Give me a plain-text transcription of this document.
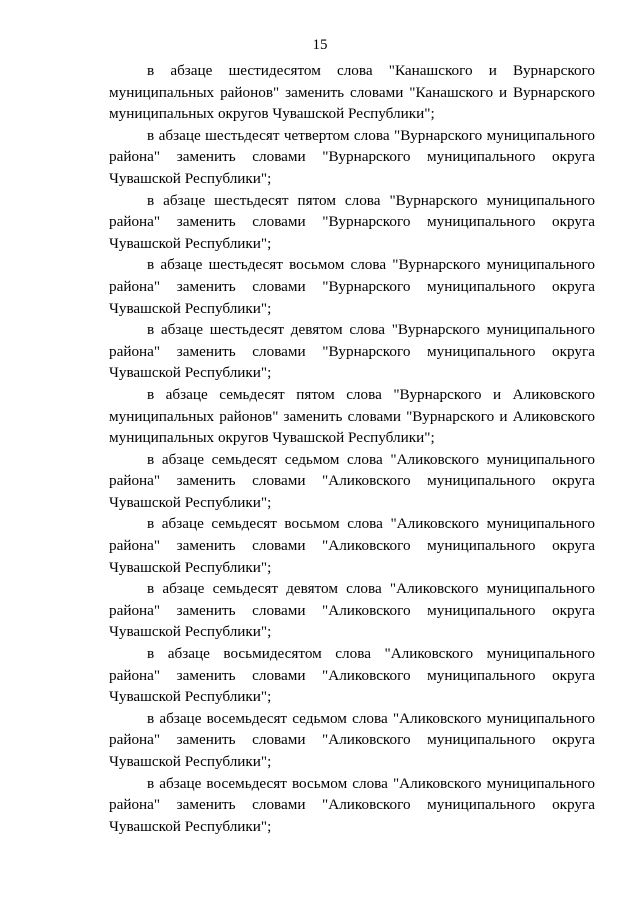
15

в абзаце шестидесятом слова "Канашского и Вурнарского муниципальных районов" заменить словами "Канашского и Вурнарского муниципальных округов Чувашской Республики";

в абзаце шестьдесят четвертом слова "Вурнарского муниципального района" заменить словами "Вурнарского муниципального округа Чувашской Республики";

в абзаце шестьдесят пятом слова "Вурнарского муниципального района" заменить словами "Вурнарского муниципального округа Чувашской Республики";

в абзаце шестьдесят восьмом слова "Вурнарского муниципального района" заменить словами "Вурнарского муниципального округа Чувашской Республики";

в абзаце шестьдесят девятом слова "Вурнарского муниципального района" заменить словами "Вурнарского муниципального округа Чувашской Республики";

в абзаце семьдесят пятом слова "Вурнарского и Аликовского муниципальных районов" заменить словами "Вурнарского и Аликовского муниципальных округов Чувашской Республики";

в абзаце семьдесят седьмом слова "Аликовского муниципального района" заменить словами "Аликовского муниципального округа Чувашской Республики";

в абзаце семьдесят восьмом слова "Аликовского муниципального района" заменить словами "Аликовского муниципального округа Чувашской Республики";

в абзаце семьдесят девятом слова "Аликовского муниципального района" заменить словами "Аликовского муниципального округа Чувашской Республики";

в абзаце восьмидесятом слова "Аликовского муниципального района" заменить словами "Аликовского муниципального округа Чувашской Республики";

в абзаце восемьдесят седьмом слова "Аликовского муниципального района" заменить словами "Аликовского муниципального округа Чувашской Республики";

в абзаце восемьдесят восьмом слова "Аликовского муниципального района" заменить словами "Аликовского муниципального округа Чувашской Республики";
